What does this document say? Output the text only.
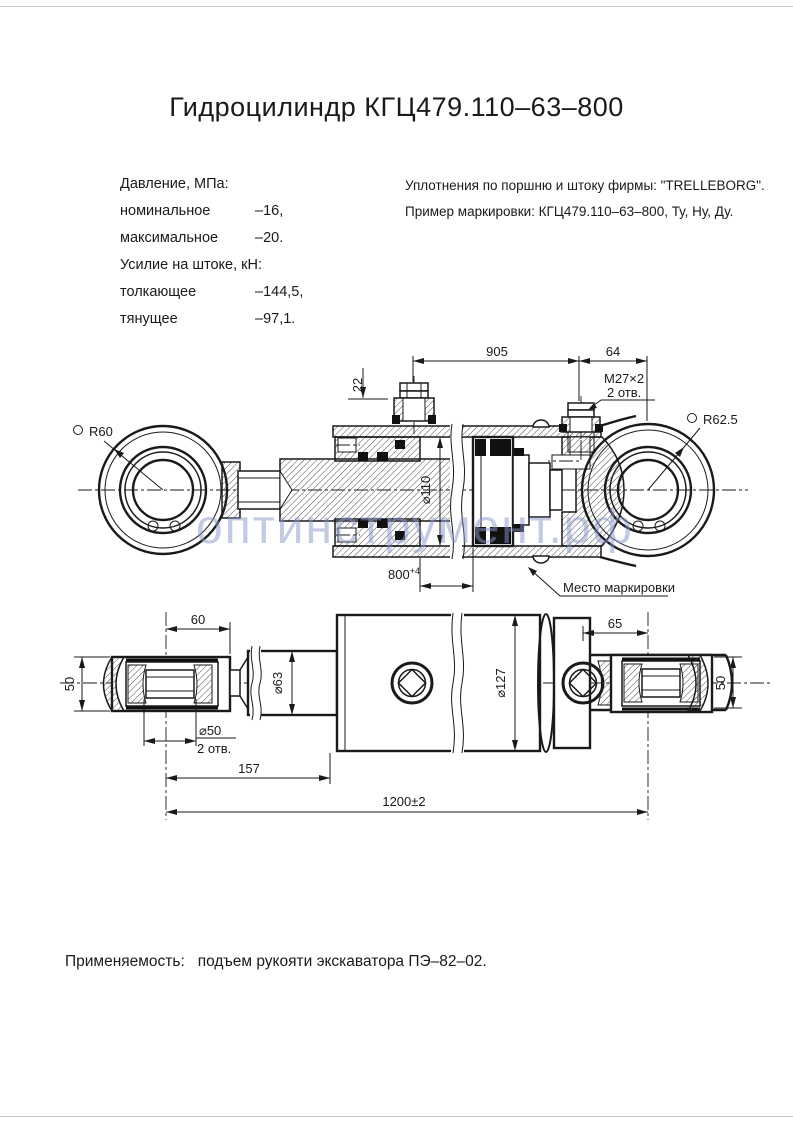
Гидроцилиндр КГЦ479.110–63–800
Давление, МПа:
номинальное	–16,
максимальное	–20.
Усилие на штоке, кН:
толкающее	–144,5,
тянущее	–97,1.
Уплотнения по поршню и штоку фирмы: "TRELLEBORG".
Пример маркировки: КГЦ479.110–63–800, Ту, Ну, Ду.
Применяемость:   подъем рукояти экскаватора ПЭ–82–02.
оптинструмент.рф
905	64
22	M27×2
2 отв.
R60
R62.5
⌀110
$800^{+4}$
Место маркировки
50
60
⌀63	⌀127
65
50
⌀50
2 отв.
157
1200±2
